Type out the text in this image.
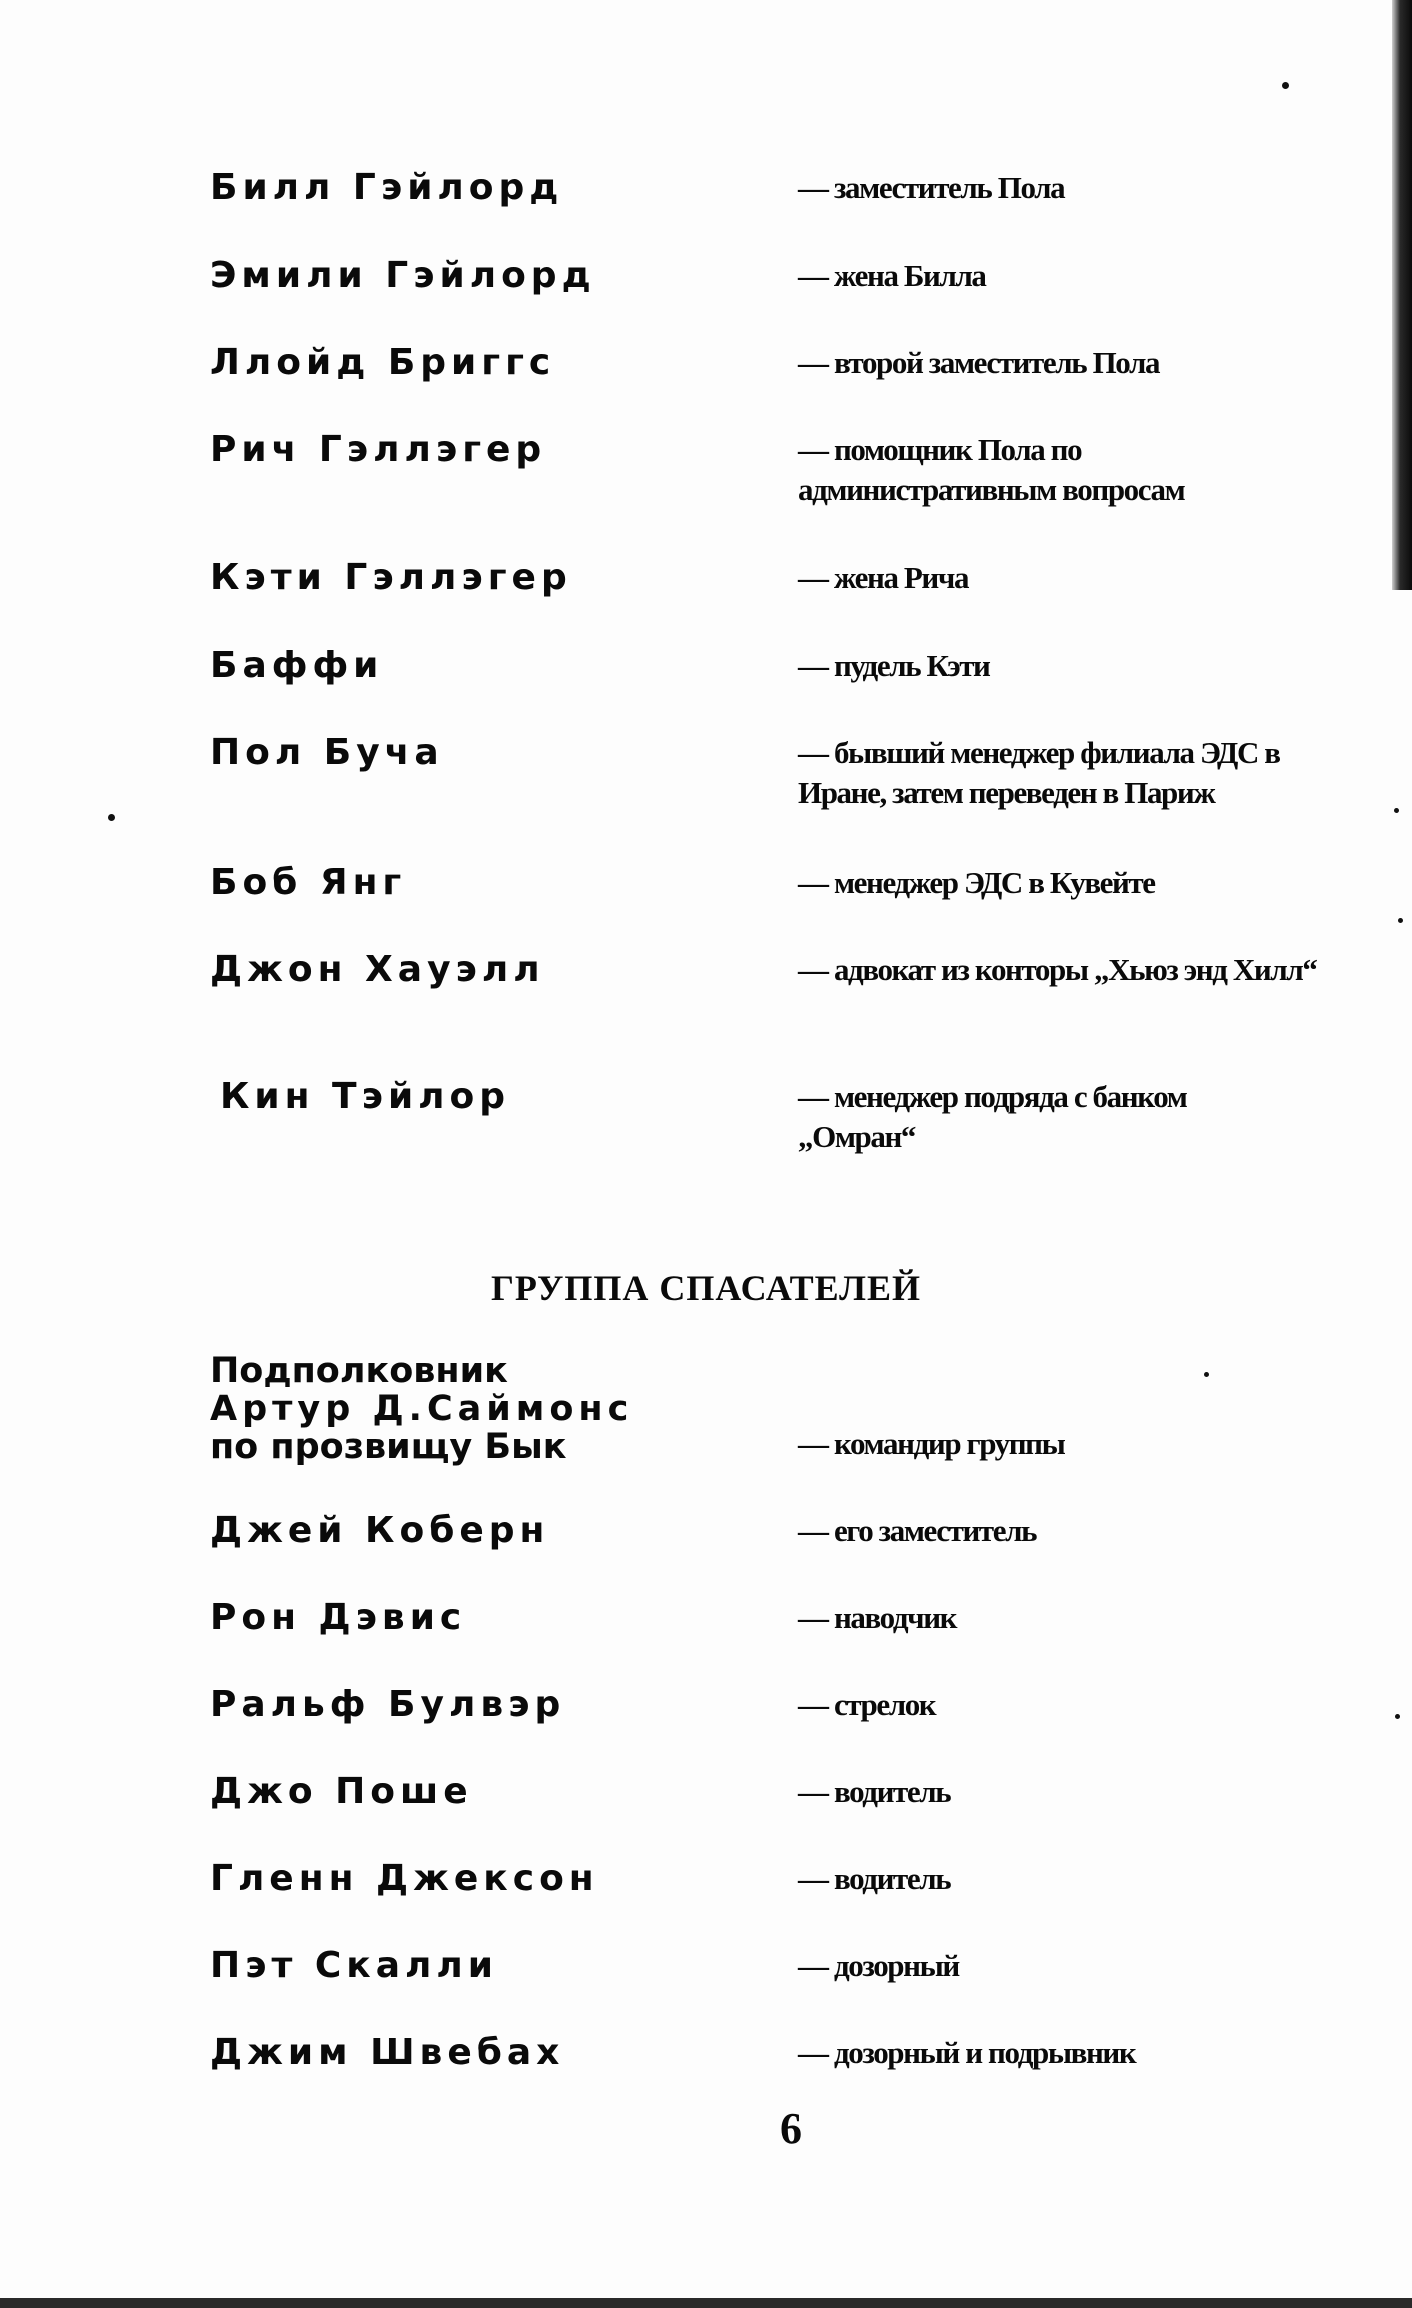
Билл Гэйлорд	— заместитель Пола
Эмили Гэйлорд	— жена Билла
Ллойд Бриггс	— второй заместитель Пола
Рич Гэллэгер	— помощник Пола по административным вопросам
Кэти Гэллэгер	— жена Рича
Баффи	— пудель Кэти
Пол Буча	— бывший менеджер филиала ЭДС в Иране, затем переведен в Париж
Боб Янг	— менеджер ЭДС в Кувейте
Джон Хауэлл	— адвокат из конторы „Хьюз энд Хилл“
Кин Тэйлор	— менеджер подряда с банком „Омран“
ГРУППА СПАСАТЕЛЕЙ
Подполковник
Артур Д.Саймонс
по прозвищу Бык	— командир группы
Джей Коберн	— его заместитель
Рон Дэвис	— наводчик
Ральф Булвэр	— стрелок
Джо Поше	— водитель
Гленн Джексон	— водитель
Пэт Скалли	— дозорный
Джим Швебах	— дозорный и подрывник
6
